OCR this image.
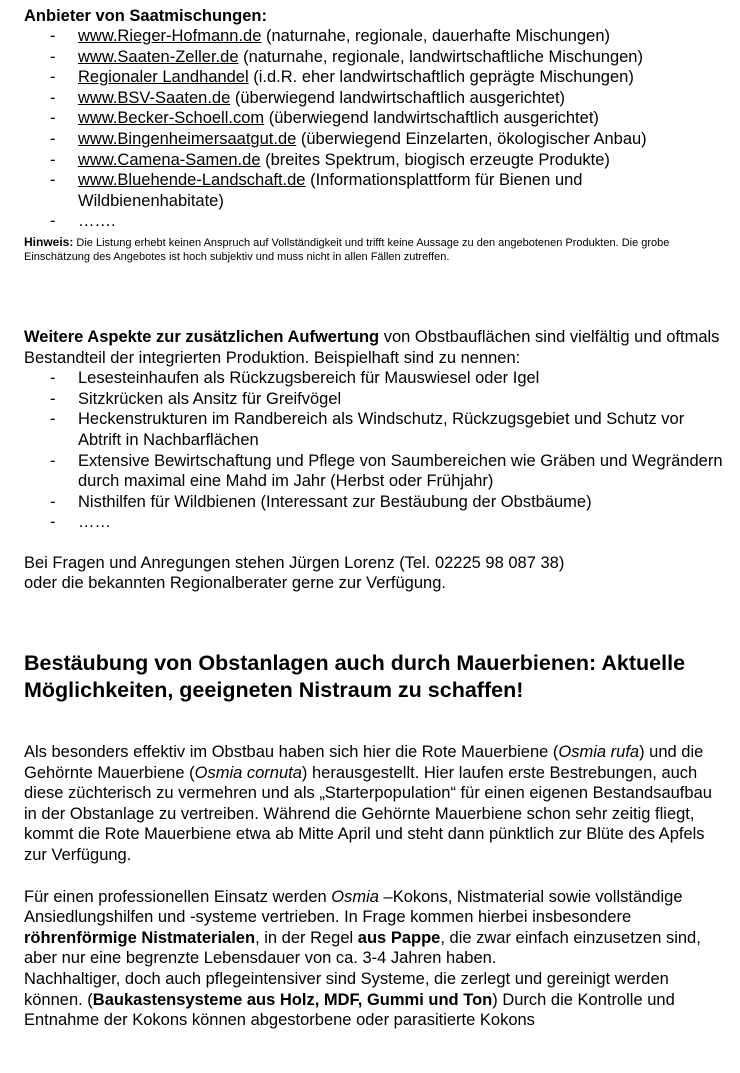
Anbieter von Saatmischungen:
- www.Rieger-Hofmann.de (naturnahe, regionale, dauerhafte Mischungen)
- www.Saaten-Zeller.de (naturnahe, regionale, landwirtschaftliche Mischungen)
- Regionaler Landhandel (i.d.R. eher landwirtschaftlich geprägte Mischungen)
- www.BSV-Saaten.de (überwiegend landwirtschaftlich ausgerichtet)
- www.Becker-Schoell.com (überwiegend landwirtschaftlich ausgerichtet)
- www.Bingenheimersaatgut.de (überwiegend Einzelarten, ökologischer Anbau)
- www.Camena-Samen.de (breites Spektrum, biogisch erzeugte Produkte)
- www.Bluehende-Landschaft.de (Informationsplattform für Bienen und Wildbienenhabitate)
- …….
Hinweis: Die Listung erhebt keinen Anspruch auf Vollständigkeit und trifft keine Aussage zu den angebotenen Produkten. Die grobe Einschätzung des Angebotes ist hoch subjektiv und muss nicht in allen Fällen zutreffen.

Weitere Aspekte zur zusätzlichen Aufwertung von Obstbauflächen sind vielfältig und oftmals Bestandteil der integrierten Produktion. Beispielhaft sind zu nennen:

- Lesesteinhaufen als Rückzugsbereich für Mauswiesel oder Igel
- Sitzkrücken als Ansitz für Greifvögel
- Heckenstrukturen im Randbereich als Windschutz, Rückzugsgebiet und Schutz vor Abtrift in Nachbarflächen
- Extensive Bewirtschaftung und Pflege von Saumbereichen wie Gräben und Wegrändern durch maximal eine Mahd im Jahr (Herbst oder Frühjahr)
- Nisthilfen für Wildbienen (Interessant zur Bestäubung der Obstbäume)
- ……

Bei Fragen und Anregungen stehen Jürgen Lorenz (Tel. 02225 98 087 38)
oder die bekannten Regionalberater gerne zur Verfügung.

Bestäubung von Obstanlagen auch durch Mauerbienen: Aktuelle Möglichkeiten, geeigneten Nistraum zu schaffen!

Als besonders effektiv im Obstbau haben sich hier die Rote Mauerbiene (Osmia rufa) und die Gehörnte Mauerbiene (Osmia cornuta) herausgestellt. Hier laufen erste Bestrebungen, auch diese züchterisch zu vermehren und als „Starterpopulation“ für einen eigenen Bestandsaufbau in der Obstanlage zu vertreiben. Während die Gehörnte Mauerbiene schon sehr zeitig fliegt, kommt die Rote Mauerbiene etwa ab Mitte April und steht dann pünktlich zur Blüte des Apfels zur Verfügung.

Für einen professionellen Einsatz werden Osmia –Kokons, Nistmaterial sowie vollständige Ansiedlungshilfen und -systeme vertrieben. In Frage kommen hierbei insbesondere röhrenförmige Nistmaterialen, in der Regel aus Pappe, die zwar einfach einzusetzen sind, aber nur eine begrenzte Lebensdauer von ca. 3-4 Jahren haben.

Nachhaltiger, doch auch pflegeintensiver sind Systeme, die zerlegt und gereinigt werden können. (Baukastensysteme aus Holz, MDF, Gummi und Ton) Durch die Kontrolle und Entnahme der Kokons können abgestorbene oder parasitierte Kokons
